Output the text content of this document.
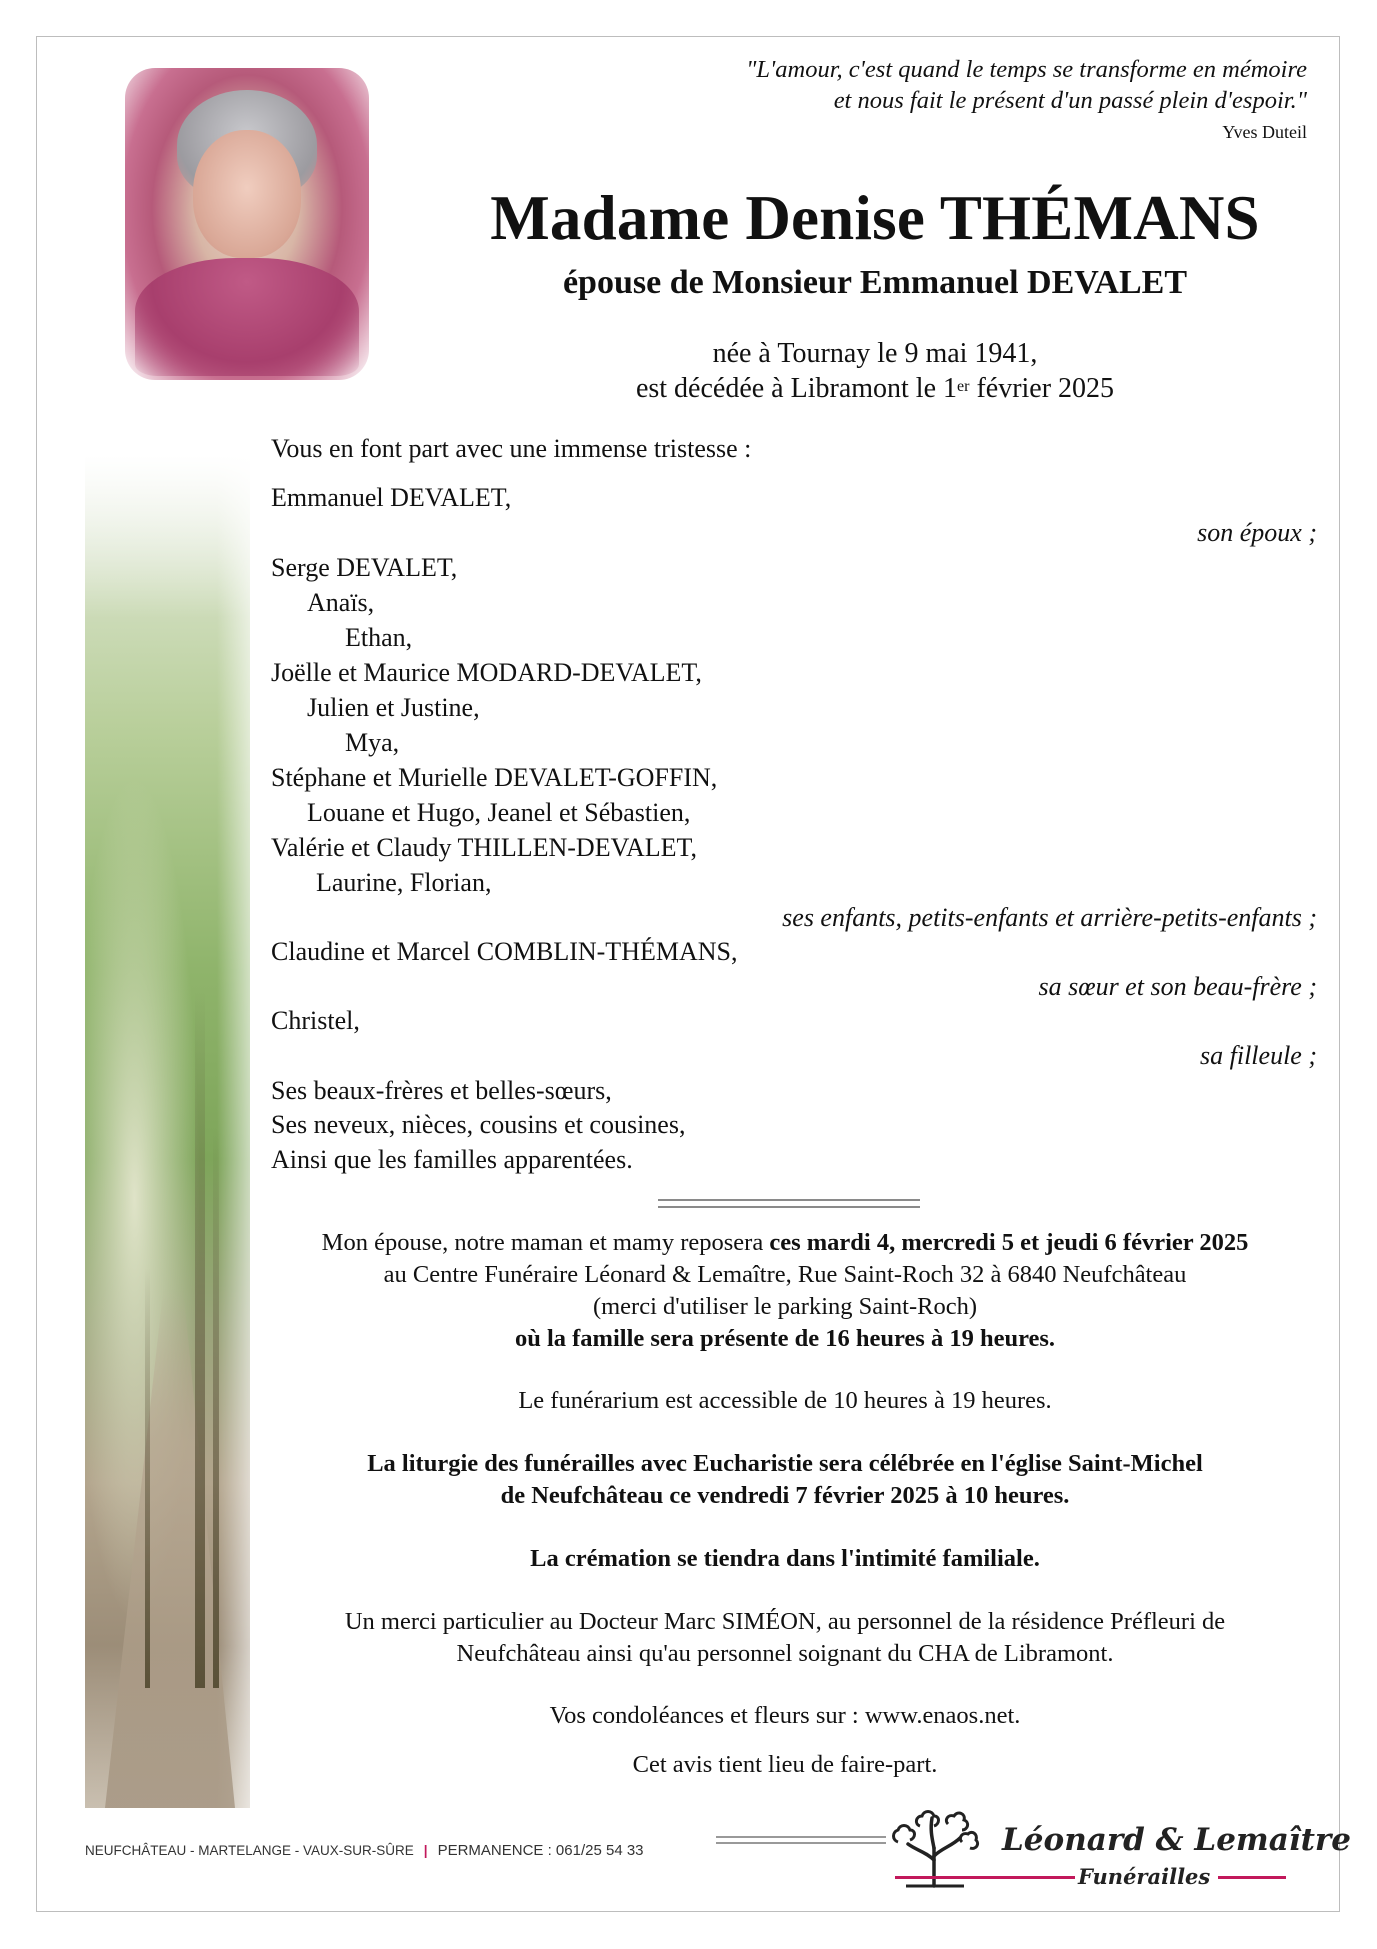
"L'amour, c'est quand le temps se transforme en mémoire
et nous fait le présent d'un passé plein d'espoir."
Yves Duteil
Madame Denise THÉMANS
épouse de Monsieur Emmanuel DEVALET
née à Tournay le 9 mai 1941,
est décédée à Libramont le 1er février 2025
Vous en font part avec une immense tristesse :
Emmanuel DEVALET,
son époux ;
Serge DEVALET,
Anaïs,
Ethan,
Joëlle et Maurice MODARD-DEVALET,
Julien et Justine,
Mya,
Stéphane et Murielle DEVALET-GOFFIN,
Louane et Hugo, Jeanel et Sébastien,
Valérie et Claudy THILLEN-DEVALET,
Laurine, Florian,
ses enfants, petits-enfants et arrière-petits-enfants ;
Claudine et Marcel COMBLIN-THÉMANS,
sa sœur et son beau-frère ;
Christel,
sa filleule ;
Ses beaux-frères et belles-sœurs,
Ses neveux, nièces, cousins et cousines,
Ainsi que les familles apparentées.
Mon épouse, notre maman et mamy reposera ces mardi 4, mercredi 5 et jeudi 6 février 2025
au Centre Funéraire Léonard & Lemaître, Rue Saint-Roch 32 à 6840 Neufchâteau
(merci d'utiliser le parking Saint-Roch)
où la famille sera présente de 16 heures à 19 heures.
Le funérarium est accessible de 10 heures à 19 heures.
La liturgie des funérailles avec Eucharistie sera célébrée en l'église Saint-Michel
de Neufchâteau ce vendredi 7 février 2025 à 10 heures.
La crémation se tiendra dans l'intimité familiale.
Un merci particulier au Docteur Marc SIMÉON, au personnel de la résidence Préfleuri de
Neufchâteau ainsi qu'au personnel soignant du CHA de Libramont.
Vos condoléances et fleurs sur : www.enaos.net.
Cet avis tient lieu de faire-part.
NEUFCHÂTEAU - MARTELANGE - VAUX-SUR-SÛRE | PERMANENCE : 061/25 54 33	Léonard & Lemaître
Funérailles
